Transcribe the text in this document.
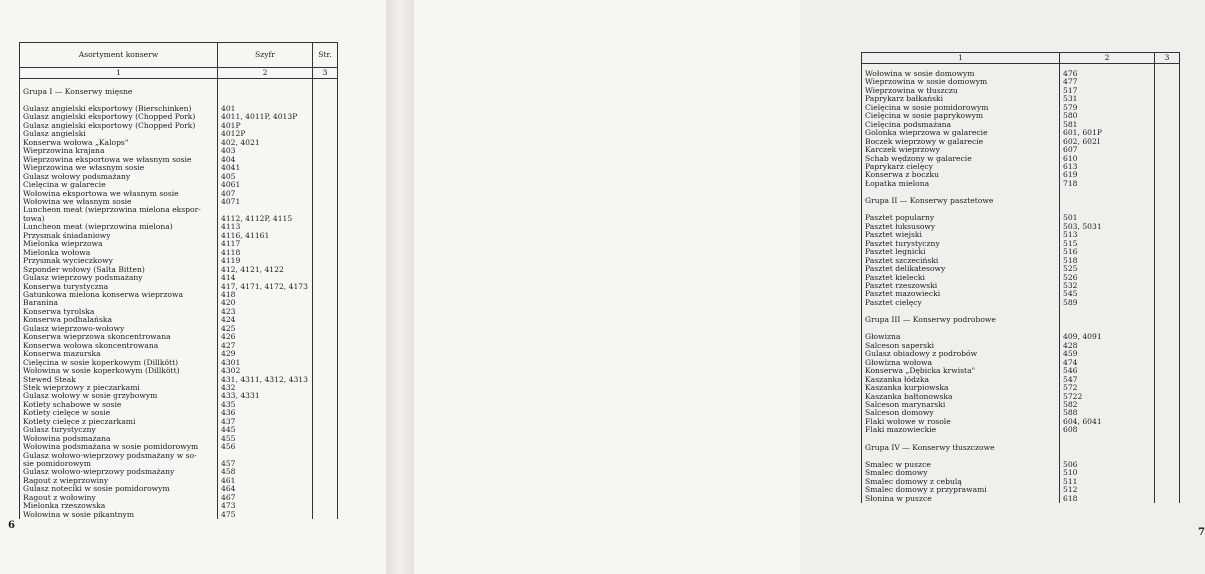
Asortyment konserw	Szyfr	Str.
1	2	3

Grupa I — Konserwy mięsne		

Gulasz angielski eksportowy (Bierschinken)	401	
Gulasz angielski eksportowy (Chopped Pork)	4011, 4011P, 4013P	
Gulasz angielski eksportowy (Chopped Pork)	401P	
Gulasz angielski	4012P	
Konserwa wołowa „Kalops"	402, 4021	
Wieprzowina krajana	403	
Wieprzowina eksportowa we własnym sosie	404	
Wieprzowina we własnym sosie	4041	
Gulasz wołowy podsmażany	405	
Cielęcina w galarecie	4061	
Wołowina eksportowa we własnym sosie	407	
Wołowina we własnym sosie	4071	
Luncheon meat (wieprzowina mielona ekspor-		
towa)	4112, 4112P, 4115	
Luncheon meat (wieprzowina mielona)	4113	
Przysmak śniadaniowy	4116, 41161	
Mielonka wieprzowa	4117	
Mielonka wołowa	4118	
Przysmak wycieczkowy	4119	
Szponder wołowy (Salta Bitten)	412, 4121, 4122	
Gulasz wieprzowy podsmażany	414	
Konserwa turystyczna	417, 4171, 4172, 4173	
Gatunkowa mielona konserwa wieprzowa	418	
Baranina	420	
Konserwa tyrolska	423	
Konserwa podhalańska	424	
Gulasz wieprzowo-wołowy	425	
Konserwa wieprzowa skoncentrowana	426	
Konserwa wołowa skoncentrowana	427	
Konserwa mazurska	429	
Cielęcina w sosie koperkowym (Dillkött)	4301	
Wołowina w sosie koperkowym (Dillkött)	4302	
Stewed Steak	431, 4311, 4312, 4313	
Stek wieprzowy z pieczarkami	432	
Gulasz wołowy w sosie grzybowym	433, 4331	
Kotlety schabowe w sosie	435	
Kotlety cielęce w sosie	436	
Kotlety cielęce z pieczarkami	437	
Gulasz turystyczny	445	
Wołowina podsmażana	455	
Wołowina podsmażana w sosie pomidorowym	456	
Gulasz wołowo-wieprzowy podsmażany w so-		
sie pomidorowym	457	
Gulasz wołowo-wieprzowy podsmażany	458	
Ragout z wieprzowiny	461	
Gulasz noteciki w sosie pomidorowym	464	
Ragout z wołowiny	467	
Mielonka rzeszowska	473	
Wołowina w sosie pikantnym	475	
6
1	2	3

Wołowina w sosie domowym	476	
Wieprzowina w sosie domowym	477	
Wieprzowina w tłuszczu	517	
Paprykarz bałkański	531	
Cielęcina w sosie pomidorowym	579	
Cielęcina w sosie paprykowym	580	
Cielęcina podsmażana	581	
Golonka wieprzowa w galarecie	601, 601P	
Boczek wieprzowy w galarecie	602, 602I	
Karczek wieprzowy	607	
Schab wędzony w galarecie	610	
Paprykarz cielęcy	613	
Konserwa z boczku	619	
Łopatka mielona	718	

Grupa II — Konserwy pasztetowe		

Pasztet popularny	501	
Pasztet łuksusowy	503, 5031	
Pasztet wiejski	513	
Pasztet turystyczny	515	
Pasztet legnicki	516	
Pasztet szczeciński	518	
Pasztet delikatesowy	525	
Pasztet kielecki	526	
Pasztet rzeszowski	532	
Pasztet mazowiecki	545	
Pasztet cielęcy	589	

Grupa III — Konserwy podrobowe		

Głowizna	409, 4091	
Salceson saperski	428	
Gulasz obiadowy z podrobów	459	
Głowizna wołowa	474	
Konserwa „Dębicka krwista"	546	
Kaszanka łódzka	547	
Kaszanka kurpiowska	572	
Kaszanka bałtonowska	5722	
Salceson marynarski	582	
Salceson domowy	588	
Flaki wołowe w rosole	604, 6041	
Flaki mazowieckie	608	

Grupa IV — Konserwy tłuszczowe		

Smalec w puszce	506	
Smalec domowy	510	
Smalec domowy z cebulą	511	
Smalec domowy z przyprawami	512	
Słonina w puszce	618	
7
